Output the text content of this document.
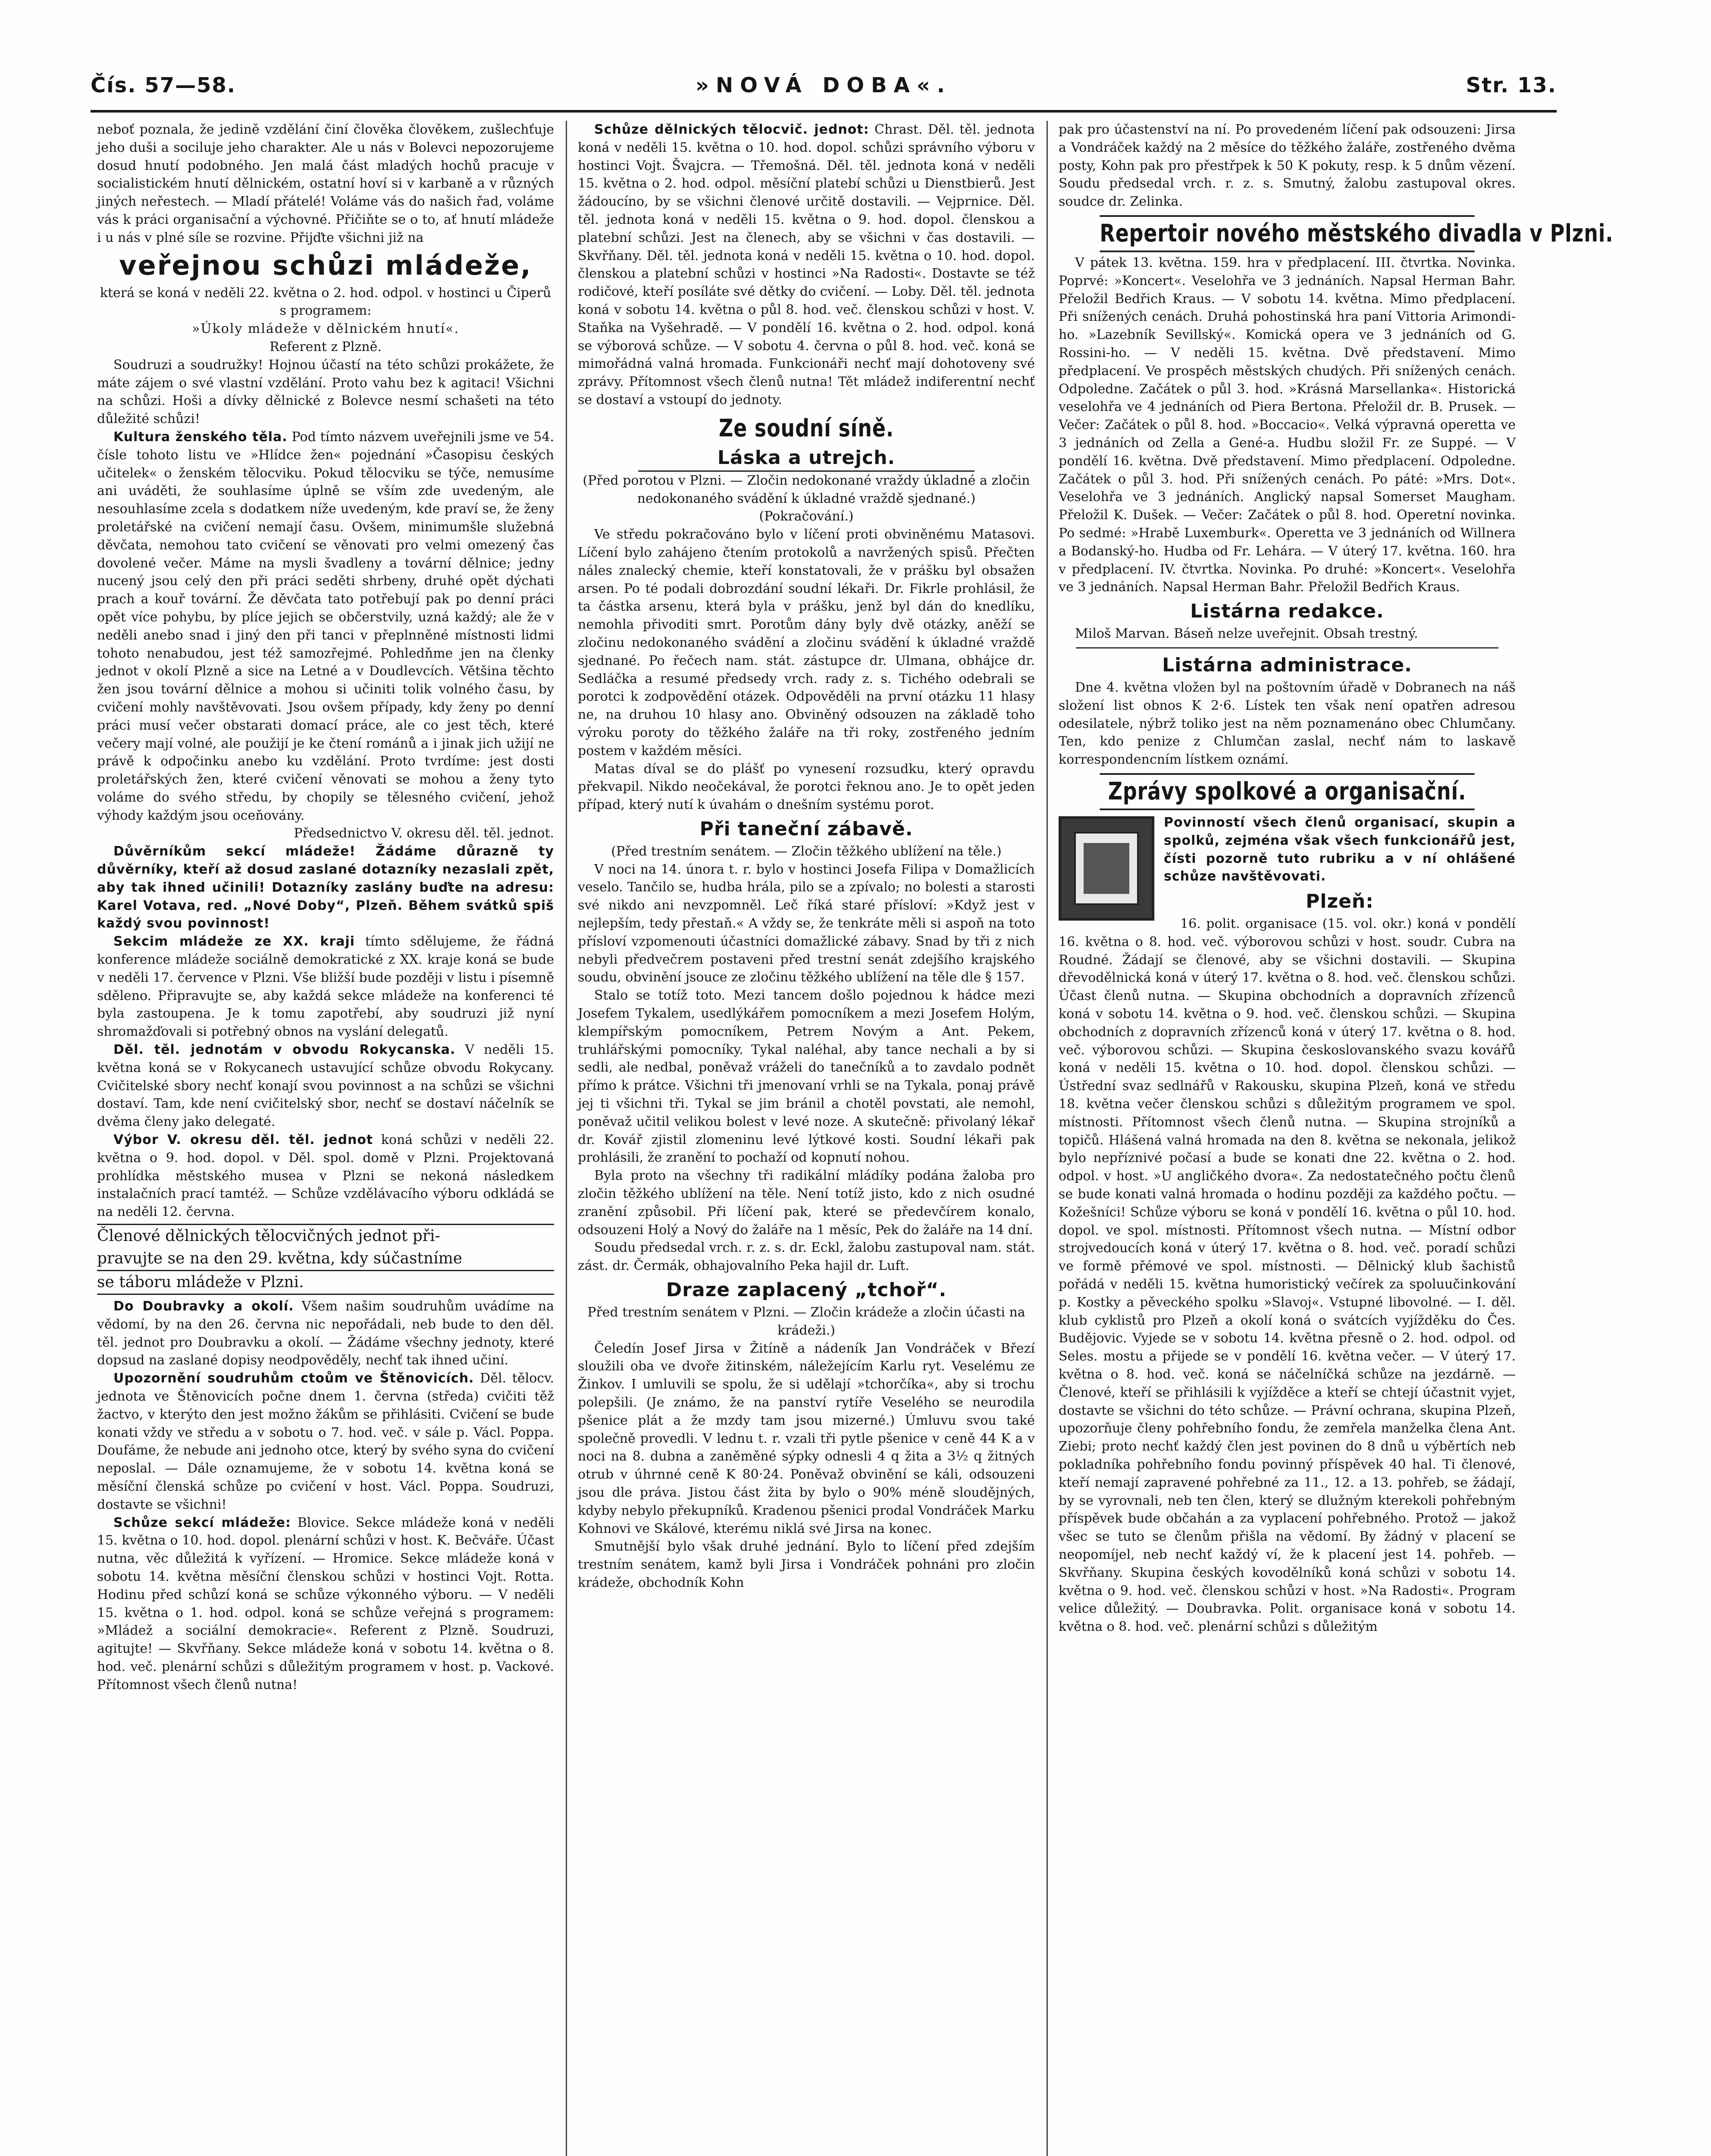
Čís. 57—58.	»NOVÁ DOBA«.	Str. 13.

neboť poznala, že jedině vzdělání činí člověka člověkem, zušlechťuje jeho duši a sociluje jeho charakter. Ale u nás v Bolevci nepozorujeme dosud hnutí podobného. Jen malá část mladých hochů pracuje v socialistickém hnutí dělnickém, ostatní hoví si v karbaně a v různých jiných neřestech. — Mladí přátelé! Voláme vás do našich řad, voláme vás k práci organisační a výchovné. Přičiňte se o to, ať hnutí mládeže i u nás v plné síle se rozvine. Přijďte všichni již na

veřejnou schůzi mládeže,

která se koná v neděli 22. května o 2. hod. odpol. v hostinci u Čiperů s programem:

»Úkoly mládeže v dělnickém hnutí«.

Referent z Plzně.

Soudruzi a soudružky! Hojnou účastí na této schůzi prokážete, že máte zájem o své vlastní vzdělání. Proto vahu bez k agitaci! Všichni na schůzi. Hoši a dívky dělnické z Bolevce nesmí schašeti na této důležité schůzi!

Kultura ženského těla. Pod tímto názvem uveřejnili jsme ve 54. čísle tohoto listu ve »Hlídce žen« pojednání »Časopisu českých učitelek« o ženském tělocviku. Pokud tělocviku se týče, nemusíme ani uváděti, že souhlasíme úplně se vším zde uvedeným, ale nesouhlasíme zcela s dodatkem níže uvedeným, kde praví se, že ženy proletářské na cvičení nemají času. Ovšem, minimumšle služebná děvčata, nemohou tato cvičení se věnovati pro velmi omezený čas dovolené večer. Máme na mysli švadleny a tovární dělnice; jedny nucený jsou celý den při práci seděti shrbeny, druhé opět dýchati prach a kouř tovární. Že děvčata tato potřebují pak po denní práci opět více pohybu, by plíce jejich se občerstvily, uzná každý; ale že v neděli anebo snad i jiný den při tanci v přeplnněné místnosti lidmi tohoto nenabudou, jest též samozřejmé. Pohledňme jen na členky jednot v okolí Plzně a sice na Letné a v Doudlevcích. Většina těchto žen jsou tovární dělnice a mohou si učiniti tolik volného času, by cvičení mohly navštěvovati. Jsou ovšem případy, kdy ženy po denní práci musí večer obstarati domací práce, ale co jest těch, které večery mají volné, ale použijí je ke čtení románů a i jinak jich užijí ne právě k odpočinku anebo ku vzdělání. Proto tvrdíme: jest dosti proletářských žen, které cvičení věnovati se mohou a ženy tyto voláme do svého středu, by chopily se tělesného cvičení, jehož výhody každým jsou oceňovány.

Předsednictvo V. okresu děl. těl. jednot.

Důvěrníkům sekcí mládeže! Žádáme důrazně ty důvěrníky, kteří až dosud zaslané dotazníky nezaslali zpět, aby tak ihned učinili! Dotazníky zaslány buďte na adresu: Karel Votava, red. „Nové Doby“, Plzeň. Během svátků spiš každý svou povinnost!

Sekcim mládeže ze XX. kraji tímto sdělujeme, že řádná konference mládeže sociálně demokratické z XX. kraje koná se bude v neděli 17. července v Plzni. Vše bližší bude později v listu i písemně sděleno. Připravujte se, aby každá sekce mládeže na konferenci té byla zastoupena. Je k tomu zapotřebí, aby soudruzi již nyní shromažďovali si potřebný obnos na vyslání delegatů.

Děl. těl. jednotám v obvodu Rokycanska. V neděli 15. května koná se v Rokycanech ustavující schůze obvodu Rokycany. Cvičitelské sbory nechť konají svou povinnost a na schůzi se všichni dostaví. Tam, kde není cvičitelský sbor, nechť se dostaví náčelník se dvěma členy jako delegaté.

Výbor V. okresu děl. těl. jednot koná schůzi v neděli 22. května o 9. hod. dopol. v Děl. spol. domě v Plzni. Projektovaná prohlídka městského musea v Plzni se nekoná následkem instalačních prací tamtéž. — Schůze vzdělávacího výboru odkládá se na neděli 12. června.

Členové dělnických tělocvičných jednot při-
pravujte se na den 29. května, kdy súčastníme
se táboru mládeže v Plzni.

Do Doubravky a okolí. Všem našim soudruhům uvádíme na vědomí, by na den 26. června nic nepořádali, neb bude to den děl. těl. jednot pro Doubravku a okolí. — Žádáme všechny jednoty, které dopsud na zaslané dopisy neodpověděly, nechť tak ihned učiní.

Upozornění soudruhům ctoům ve Štěnovicích. Děl. tělocv. jednota ve Štěnovicích počne dnem 1. června (středa) cvičiti těž žactvo, v kterýto den jest možno žákům se přihlásiti. Cvičení se bude konati vždy ve středu a v sobotu o 7. hod. več. v sále p. Václ. Poppa. Doufáme, že nebude ani jednoho otce, který by svého syna do cvičení neposlal. — Dále oznamujeme, že v sobotu 14. května koná se měsíční členská schůze po cvičení v host. Václ. Poppa. Soudruzi, dostavte se všichni!

Schůze sekcí mládeže: Blovice. Sekce mládeže koná v neděli 15. května o 10. hod. dopol. plenární schůzi v host. K. Bečváře. Účast nutna, věc důležitá k vyřízení. — Hromice. Sekce mládeže koná v sobotu 14. května měsíční členskou schůzi v hostinci Vojt. Rotta. Hodinu před schůzí koná se schůze výkonného výboru. — V neděli 15. května o 1. hod. odpol. koná se schůze veřejná s programem: »Mládež a sociální demokracie«. Referent z Plzně. Soudruzi, agitujte! — Skvřňany. Sekce mládeže koná v sobotu 14. května o 8. hod. več. plenární schůzi s důležitým programem v host. p. Vackové. Přítomnost všech členů nutna!

Schůze dělnických tělocvič. jednot: Chrast. Děl. těl. jednota koná v neděli 15. května o 10. hod. dopol. schůzi správního výboru v hostinci Vojt. Švajcra. — Třemošná. Děl. těl. jednota koná v neděli 15. května o 2. hod. odpol. měsíční platebí schůzi u Dienstbierů. Jest žádoucíno, by se všichni členové určitě dostavili. — Vejprnice. Děl. těl. jednota koná v neděli 15. května o 9. hod. dopol. členskou a platební schůzi. Jest na členech, aby se všichni v čas dostavili. — Skvřňany. Děl. těl. jednota koná v neděli 15. května o 10. hod. dopol. členskou a platební schůzi v hostinci »Na Radosti«. Dostavte se též rodičové, kteří posíláte své dětky do cvičení. — Loby. Děl. těl. jednota koná v sobotu 14. května o půl 8. hod. več. členskou schůzi v host. V. Staňka na Vyšehradě. — V pondělí 16. května o 2. hod. odpol. koná se výborová schůze. — V sobotu 4. června o půl 8. hod. več. koná se mimořádná valná hromada. Funkcionáři nechť mají dohotoveny své zprávy. Přítomnost všech členů nutna! Tět mládež indiferentní nechť se dostaví a vstoupí do jednoty.

Ze soudní síně.
Láska a utrejch.

(Před porotou v Plzni. — Zločin nedokonané vraždy úkladné a zločin nedokonaného svádění k úkladné vraždě sjednané.)

(Pokračování.)

Ve středu pokračováno bylo v líčení proti obviněnému Matasovi. Líčení bylo zahájeno čtením protokolů a navržených spisů. Přečten náles znalecký chemie, kteří konstatovali, že v prášku byl obsažen arsen. Po té podali dobrozdání soudní lékaři. Dr. Fikrle prohlásil, že ta částka arsenu, která byla v prášku, jenž byl dán do knedlíku, nemohla přivoditi smrt. Porotům dány byly dvě otázky, aněží se zločinu nedokonaného svádění a zločinu svádění k úkladné vraždě sjednané. Po řečech nam. stát. zástupce dr. Ulmana, obhájce dr. Sedláčka a resumé předsedy vrch. rady z. s. Tichého odebrali se porotci k zodpovědění otázek. Odpověděli na první otázku 11 hlasy ne, na druhou 10 hlasy ano. Obviněný odsouzen na základě toho výroku poroty do těžkého žaláře na tři roky, zostřeného jedním postem v každém měsíci.

Matas díval se do plášť po vynesení rozsudku, který opravdu překvapil. Nikdo neočekával, že porotci řeknou ano. Je to opět jeden případ, který nutí k úvahám o dnešním systému porot.

Při taneční zábavě.

(Před trestním senátem. — Zločin těžkého ublížení na těle.)

V noci na 14. února t. r. bylo v hostinci Josefa Filipa v Domažlicích veselo. Tančilo se, hudba hrála, pilo se a zpívalo; no bolesti a starosti své nikdo ani nevzpomněl. Leč říká staré přísloví: »Když jest v nejlepším, tedy přestaň.« A vždy se, že tenkráte měli si aspoň na toto přísloví vzpomenouti účastníci domažlické zábavy. Snad by tři z nich nebyli předvečrem postaveni před trestní senát zdejšího krajského soudu, obvinění jsouce ze zločinu těžkého ublížení na těle dle § 157.

Stalo se totíž toto. Mezi tancem došlo pojednou k hádce mezi Josefem Tykalem, usedlýkářem pomocníkem a mezi Josefem Holým, klempířským pomocníkem, Petrem Novým a Ant. Pekem, truhlářskými pomocníky. Tykal naléhal, aby tance nechali a by si sedli, ale nedbal, poněvaž vráželi do tanečníků a to zavdalo podnět přímo k prátce. Všichni tři jmenovaní vrhli se na Tykala, ponaj právě jej ti všichni tři. Tykal se jim bránil a chotěl povstati, ale nemohl, poněvaž učitil velikou bolest v levé noze. A skutečně: přivolaný lékař dr. Kovář zjistil zlomeninu levé lýtkové kosti. Soudní lékaři pak prohlásili, že zranění to pochaží od kopnutí nohou.

Byla proto na všechny tři radikální mládíky podána žaloba pro zločin těžkého ublížení na těle. Není totíž jisto, kdo z nich osudné zranění způsobil. Při líčení pak, které se předevčírem konalo, odsouzeni Holý a Nový do žaláře na 1 měsíc, Pek do žaláře na 14 dní.

Soudu předsedal vrch. r. z. s. dr. Eckl, žalobu zastupoval nam. stát. zást. dr. Čermák, obhajovalního Peka hajil dr. Luft.

Draze zaplacený „tchoř“.

Před trestním senátem v Plzni. — Zločin krádeže a zločin účasti na krádeži.)

Čeledín Josef Jirsa v Žitíně a nádeník Jan Vondráček v Březí sloužili oba ve dvoře žitinském, náležejícím Karlu ryt. Veselému ze Žinkov. I umluvili se spolu, že si udělají »tchorčíka«, aby si trochu polepšili. (Je známo, že na panství rytíře Veselého se neurodila pšenice plát a že mzdy tam jsou mizerné.) Úmluvu svou také společně provedli. V lednu t. r. vzali tři pytle pšenice v ceně 44 K a v noci na 8. dubna a zaněměné sýpky odnesli 4 q žita a 3½ q žitných otrub v úhrnné ceně K 80·24. Poněvaž obvinění se káli, odsouzeni jsou dle práva. Jistou část žita by bylo o 90% méně sloudějných, kdyby nebylo překupníků. Kradenou pšenici prodal Vondráček Marku Kohnovi ve Skálové, kterému niklá své Jirsa na konec.

Smutnější bylo však druhé jednání. Bylo to líčení před zdejším trestním senátem, kamž byli Jirsa i Vondráček pohnáni pro zločin krádeže, obchodník Kohn

pak pro účastenství na ní. Po provedeném líčení pak odsouzeni: Jirsa a Vondráček každý na 2 měsíce do těžkého žaláře, zostřeného dvěma posty, Kohn pak pro přestřpek k 50 K pokuty, resp. k 5 dnům vězení. Soudu předsedal vrch. r. z. s. Smutný, žalobu zastupoval okres. soudce dr. Zelinka.

Repertoir nového městského divadla v Plzni.

V pátek 13. května. 159. hra v předplacení. III. čtvrtka. Novinka. Poprvé: »Koncert«. Veselohřa ve 3 jednáních. Napsal Herman Bahr. Přeložil Bedřich Kraus. — V sobotu 14. května. Mimo předplacení. Při snížených cenách. Druhá pohostinská hra paní Vittoria Arimondi-ho. »Lazebník Sevillský«. Komická opera ve 3 jednáních od G. Rossini-ho. — V neděli 15. května. Dvě představení. Mimo předplacení. Ve prospěch městských chudých. Při snížených cenách. Odpoledne. Začátek o půl 3. hod. »Krásná Marsellanka«. Historická veselohřa ve 4 jednáních od Piera Bertona. Přeložil dr. B. Prusek. — Večer: Začátek o půl 8. hod. »Boccacio«. Velká výpravná operetta ve 3 jednáních od Zella a Gené-a. Hudbu složil Fr. ze Suppé. — V pondělí 16. května. Dvě představení. Mimo předplacení. Odpoledne. Začátek o půl 3. hod. Při snížených cenách. Po páté: »Mrs. Dot«. Veselohřa ve 3 jednáních. Anglický napsal Somerset Maugham. Přeložil K. Dušek. — Večer: Začátek o půl 8. hod. Operetní novinka. Po sedmé: »Hrabě Luxemburk«. Operetta ve 3 jednáních od Willnera a Bodanský-ho. Hudba od Fr. Lehára. — V úterý 17. května. 160. hra v předplacení. IV. čtvrtka. Novinka. Po druhé: »Koncert«. Veselohřa ve 3 jednáních. Napsal Herman Bahr. Přeložil Bedřich Kraus.

Listárna redakce.

Miloš Marvan. Báseň nelze uveřejnit. Obsah trestný.

Listárna administrace.

Dne 4. května vložen byl na poštovním úřadě v Dobranech na náš složení list obnos K 2·6. Lístek ten však není opatřen adresou odesilatele, nýbrž toliko jest na něm poznamenáno obec Chlumčany. Ten, kdo penize z Chlumčan zaslal, nechť nám to laskavě korrespondencním lístkem oznámí.

Zprávy spolkové a organisační.

Povinností všech členů organisací, skupin a spolků, zejména však všech funkcionářů jest, čísti pozorně tuto rubriku a v ní ohlášené schůze navštěvovati.

Plzeň:

16. polit. organisace (15. vol. okr.) koná v pondělí 16. května o 8. hod. več. výborovou schůzi v host. soudr. Cubra na Roudné. Žádají se členové, aby se všichni dostavili. — Skupina dřevodělnická koná v úterý 17. května o 8. hod. več. členskou schůzi. Účast členů nutna. — Skupina obchodních a dopravních zřízenců koná v sobotu 14. května o 9. hod. več. členskou schůzi. — Skupina obchodních z dopravních zřízenců koná v úterý 17. května o 8. hod. več. výborovou schůzi. — Skupina českoslovanského svazu kovářů koná v neděli 15. května o 10. hod. dopol. členskou schůzi. — Ústřední svaz sedlnářů v Rakousku, skupina Plzeň, koná ve středu 18. května večer členskou schůzi s důležitým programem ve spol. místnosti. Přítomnost všech členů nutna. — Skupina strojníků a topičů. Hlášená valná hromada na den 8. května se nekonala, jelikož bylo nepříznivé počasí a bude se konati dne 22. května o 2. hod. odpol. v host. »U angličkého dvora«. Za nedostatečného počtu členů se bude konati valná hromada o hodinu později za každého počtu. — Kožešníci! Schůze výboru se koná v pondělí 16. května o půl 10. hod. dopol. ve spol. místnosti. Přítomnost všech nutna. — Místní odbor strojvedoucích koná v úterý 17. května o 8. hod. več. poradí schůzi ve formě přémové ve spol. místnosti. — Dělnický klub šachistů pořádá v neděli 15. května humoristický večírek za spoluučinkování p. Kostky a pěveckého spolku »Slavoj«. Vstupné libovolné. — I. děl. klub cyklistů pro Plzeň a okolí koná o svátcích vyjížděku do Čes. Budějovic. Vyjede se v sobotu 14. května přesně o 2. hod. odpol. od Seles. mostu a přijede se v pondělí 16. května večer. — V úterý 17. května o 8. hod. več. koná se náčelníčká schůze na jezdárně. — Členové, kteří se přihlásili k vyjížděce a kteří se chtejí účastnit vyjet, dostavte se všichni do této schůze. — Právní ochrana, skupina Plzeň, upozorňuje členy pohřebního fondu, že zemřela manželka člena Ant. Ziebi; proto nechť každý člen jest povinen do 8 dnů u výběrtích neb pokladníka pohřebního fondu povinný příspěvek 40 hal. Ti členové, kteří nemají zapravené pohřebné za 11., 12. a 13. pohřeb, se žádají, by se vyrovnali, neb ten člen, který se dlužným kterekoli pohřebným příspěvek bude občahán a za vyplacení pohřebného. Protož — jakož všec se tuto se členům přišla na vědomí. By žádný v placení se neopomíjel, neb nechť každý ví, že k placení jest 14. pohřeb. — Skvřňany. Skupina českých kovodělníků koná schůzi v sobotu 14. května o 9. hod. več. členskou schůzi v host. »Na Radosti«. Program velice důležitý. — Doubravka. Polit. organisace koná v sobotu 14. května o 8. hod. več. plenární schůzi s důležitým
